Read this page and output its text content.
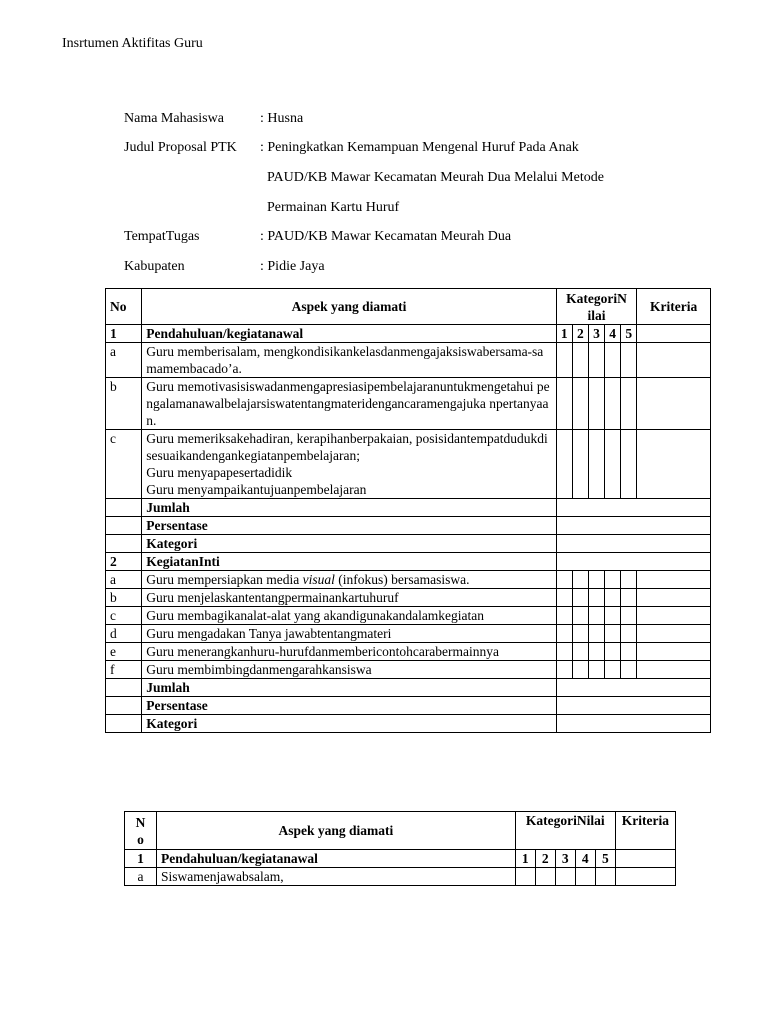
Insrtumen Aktifitas Guru
Nama Mahasiswa	: Husna
Judul Proposal PTK : Peningkatkan Kemampuan Mengenal Huruf Pada Anak
PAUD/KB Mawar Kecamatan Meurah Dua Melalui Metode
Permainan Kartu Huruf
TempatTugas	: PAUD/KB Mawar Kecamatan Meurah Dua
Kabupaten	: Pidie Jaya
No	Aspek yang diamati	KategoriN ilai					Kriteria
1	Pendahuluan/kegiatanawal	1	2	3	4	5	
a	Guru memberisalam, mengkondisikankelasdanmengajaksiswabersama-samamembacado’a.						
b	Guru memotivasisiswadanmengapresiasipembelajaranuntukmengetahui pengalamanawalbelajarsiswatentangmateridengancaramengajuka npertanyaan.						
c	Guru memeriksakehadiran, kerapihanberpakaian, posisidantempatdudukdisesuaikandengankegiatanpembelajaran;
Guru menyapapesertadidik
Guru menyampaikantujuanpembelajaran						

	Jumlah						
	Persentase						
	Kategori						
2	KegiatanInti						
a	Guru mempersiapkan media visual (infokus) bersamasiswa.						
b	Guru menjelaskantentangpermainankartuhuruf						
c	Guru membagikanalat-alat yang akandigunakandalamkegiatan						
d	Guru mengadakan Tanya jawabtentangmateri						
e	Guru menerangkanhuru-hurufdanmembericontohcarabermainnya						
f	Guru membimbingdanmengarahkansiswa						
	Jumlah						
	Persentase						
	Kategori						
No	Aspek yang diamati	KategoriNilai					Kriteria
1	Pendahuluan/kegiatanawal	1	2	3	4	5	
a	Siswamenjawabsalam,						
